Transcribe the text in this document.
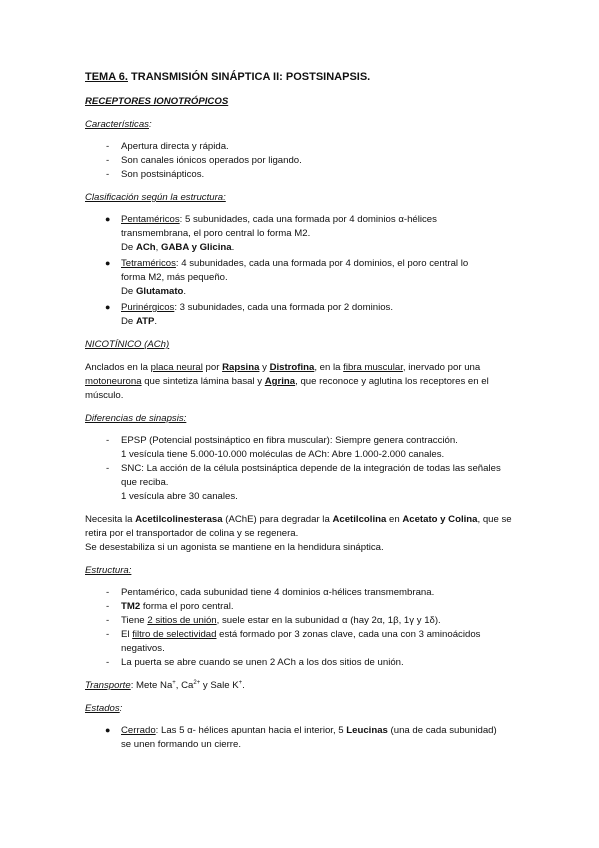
TEMA 6. TRANSMISIÓN SINÁPTICA II: POSTSINAPSIS.
RECEPTORES IONOTRÓPICOS
Características:
- Apertura directa y rápida.
- Son canales iónicos operados por ligando.
- Son postsinápticos.
Clasificación según la estructura:
● Pentaméricos: 5 subunidades, cada una formada por 4 dominios α-hélices
transmembrana, el poro central lo forma M2.
De ACh, GABA y Glicina.
● Tetraméricos: 4 subunidades, cada una formada por 4 dominios, el poro central lo
forma M2, más pequeño.
De Glutamato.
● Purinérgicos: 3 subunidades, cada una formada por 2 dominios.
De ATP.
NICOTÍNICO (ACh)
Anclados en la placa neural por Rapsina y Distrofina, en la fibra muscular, inervado por una
motoneurona que sintetiza lámina basal y Agrina, que reconoce y aglutina los receptores en el
músculo.
Diferencias de sinapsis:
- EPSP (Potencial postsináptico en fibra muscular): Siempre genera contracción.
1 vesícula tiene 5.000-10.000 moléculas de ACh: Abre 1.000-2.000 canales.
- SNC: La acción de la célula postsináptica depende de la integración de todas las señales
que reciba.
1 vesícula abre 30 canales.
Necesita la Acetilcolinesterasa (AChE) para degradar la Acetilcolina en Acetato y Colina, que se
retira por el transportador de colina y se regenera.
Se desestabiliza si un agonista se mantiene en la hendidura sináptica.
Estructura:
- Pentamérico, cada subunidad tiene 4 dominios α-hélices transmembrana.
- TM2 forma el poro central.
- Tiene 2 sitios de unión, suele estar en la subunidad α (hay 2α, 1β, 1γ y 1δ).
- El filtro de selectividad está formado por 3 zonas clave, cada una con 3 aminoácidos
negativos.
- La puerta se abre cuando se unen 2 ACh a los dos sitios de unión.
Transporte: Mete Na+, $Ca^{2+}$ y Sale K+.
Estados:
● Cerrado: Las 5 α- hélices apuntan hacia el interior, 5 Leucinas (una de cada subunidad)
se unen formando un cierre.
